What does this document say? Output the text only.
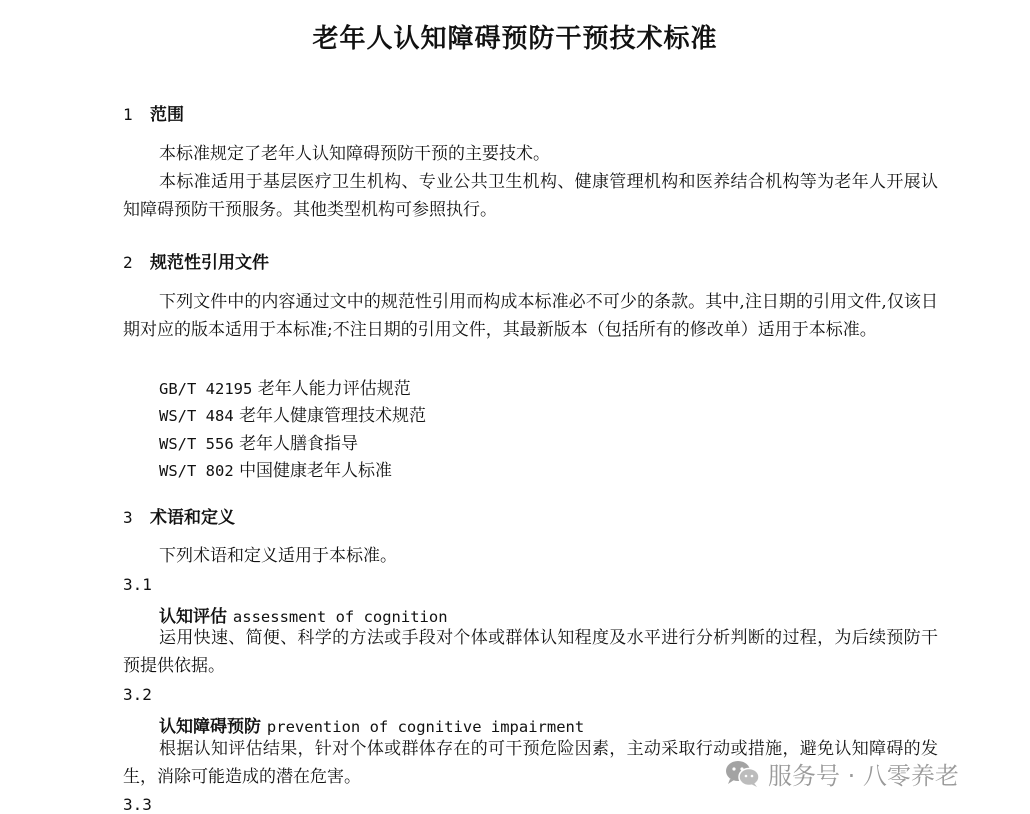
老年人认知障碍预防干预技术标准
1 范围

本标准规定了老年人认知障碍预防干预的主要技术。

本标准适用于基层医疗卫生机构、专业公共卫生机构、健康管理机构和医养结合机构等为老年人开展认知障碍预防干预服务。其他类型机构可参照执行。

2 规范性引用文件

下列文件中的内容通过文中的规范性引用而构成本标准必不可少的条款。其中,注日期的引用文件,仅该日期对应的版本适用于本标准;不注日期的引用文件，其最新版本（包括所有的修改单）适用于本标准。

GB/T 42195 老年人能力评估规范
WS/T 484 老年人健康管理技术规范
WS/T 556 老年人膳食指导
WS/T 802 中国健康老年人标准
3 术语和定义

下列术语和定义适用于本标准。

3.1
认知评估 assessment of cognition

运用快速、简便、科学的方法或手段对个体或群体认知程度及水平进行分析判断的过程，为后续预防干预提供依据。

3.2
认知障碍预防 prevention of cognitive impairment

根据认知评估结果，针对个体或群体存在的可干预危险因素，主动采取行动或措施，避免认知障碍的发生，消除可能造成的潜在危害。

3.3
服务号 · 八零养老
